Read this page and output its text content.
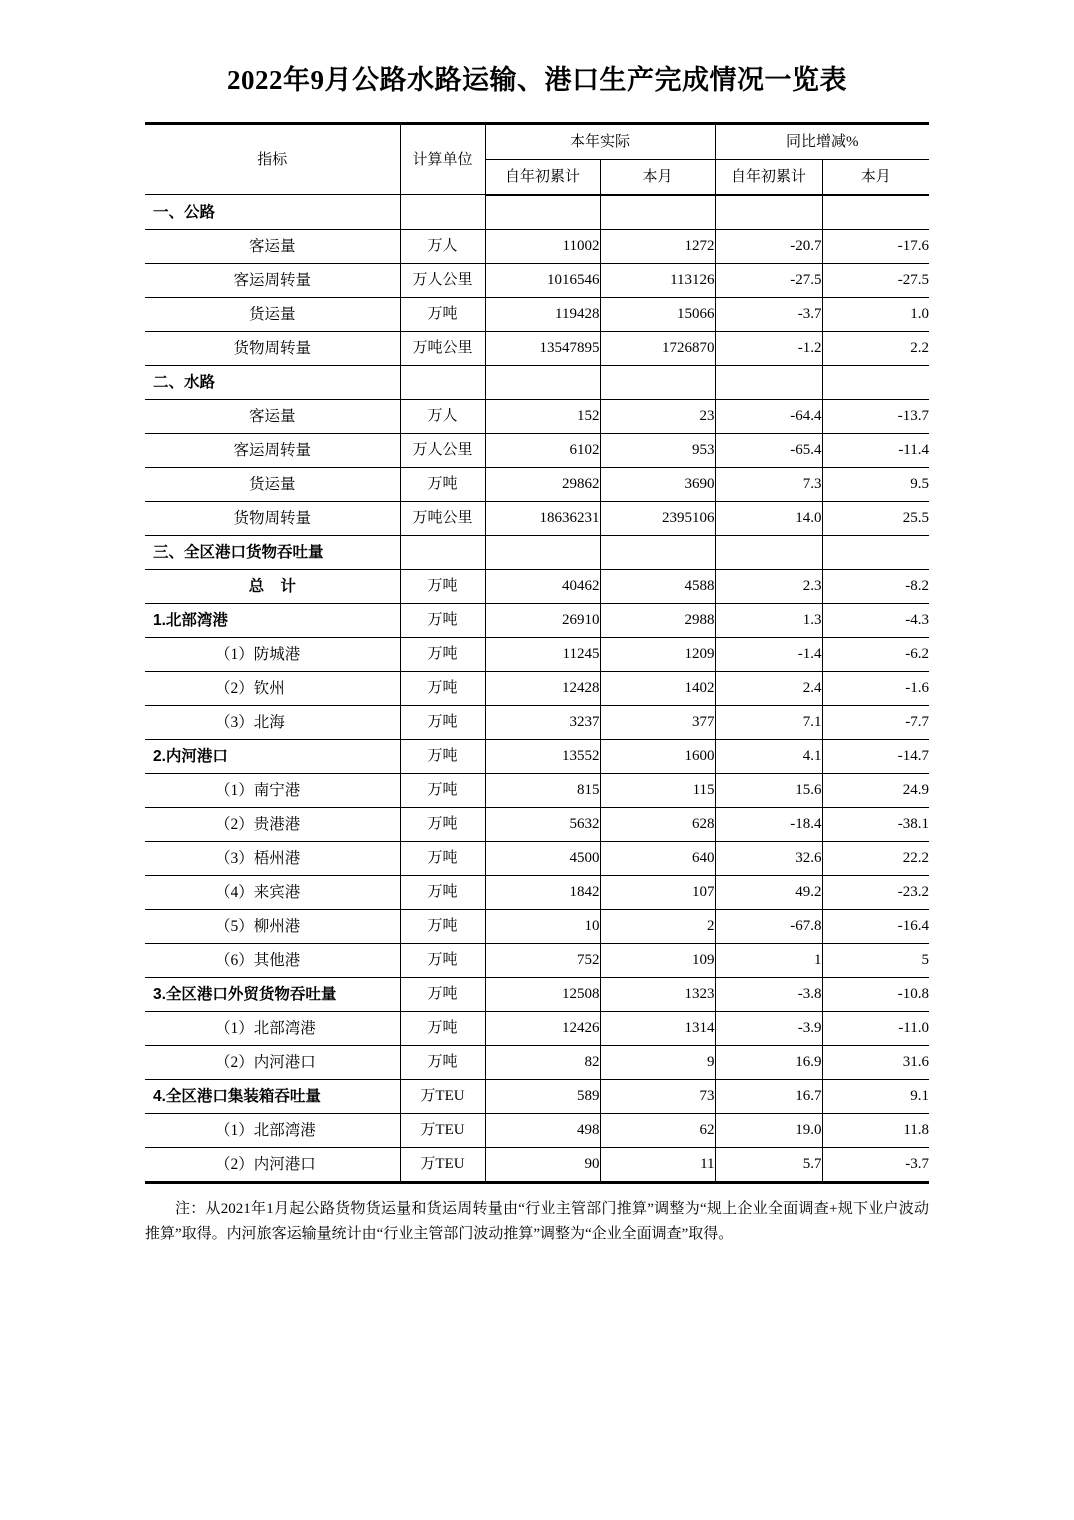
2022年9月公路水路运输、港口生产完成情况一览表
指标	计算单位	本年实际		同比增减%	
		自年初累计	本月	自年初累计	本月
一、公路					
客运量	万人	11002	1272	-20.7	-17.6
客运周转量	万人公里	1016546	113126	-27.5	-27.5
货运量	万吨	119428	15066	-3.7	1.0
货物周转量	万吨公里	13547895	1726870	-1.2	2.2
二、水路					
客运量	万人	152	23	-64.4	-13.7
客运周转量	万人公里	6102	953	-65.4	-11.4
货运量	万吨	29862	3690	7.3	9.5
货物周转量	万吨公里	18636231	2395106	14.0	25.5
三、全区港口货物吞吐量					
总 计	万吨	40462	4588	2.3	-8.2
1.北部湾港	万吨	26910	2988	1.3	-4.3
（1）防城港	万吨	11245	1209	-1.4	-6.2
（2）钦州	万吨	12428	1402	2.4	-1.6
（3）北海	万吨	3237	377	7.1	-7.7
2.内河港口	万吨	13552	1600	4.1	-14.7
（1）南宁港	万吨	815	115	15.6	24.9
（2）贵港港	万吨	5632	628	-18.4	-38.1
（3）梧州港	万吨	4500	640	32.6	22.2
（4）来宾港	万吨	1842	107	49.2	-23.2
（5）柳州港	万吨	10	2	-67.8	-16.4
（6）其他港	万吨	752	109	1	5
3.全区港口外贸货物吞吐量	万吨	12508	1323	-3.8	-10.8
（1）北部湾港	万吨	12426	1314	-3.9	-11.0
（2）内河港口	万吨	82	9	16.9	31.6
4.全区港口集装箱吞吐量	万TEU	589	73	16.7	9.1
（1）北部湾港	万TEU	498	62	19.0	11.8
（2）内河港口	万TEU	90	11	5.7	-3.7

注：从2021年1月起公路货物货运量和货运周转量由“行业主管部门推算”调整为“规上企业全面调查+规下业户波动推算”取得。内河旅客运输量统计由“行业主管部门波动推算”调整为“企业全面调查”取得。
